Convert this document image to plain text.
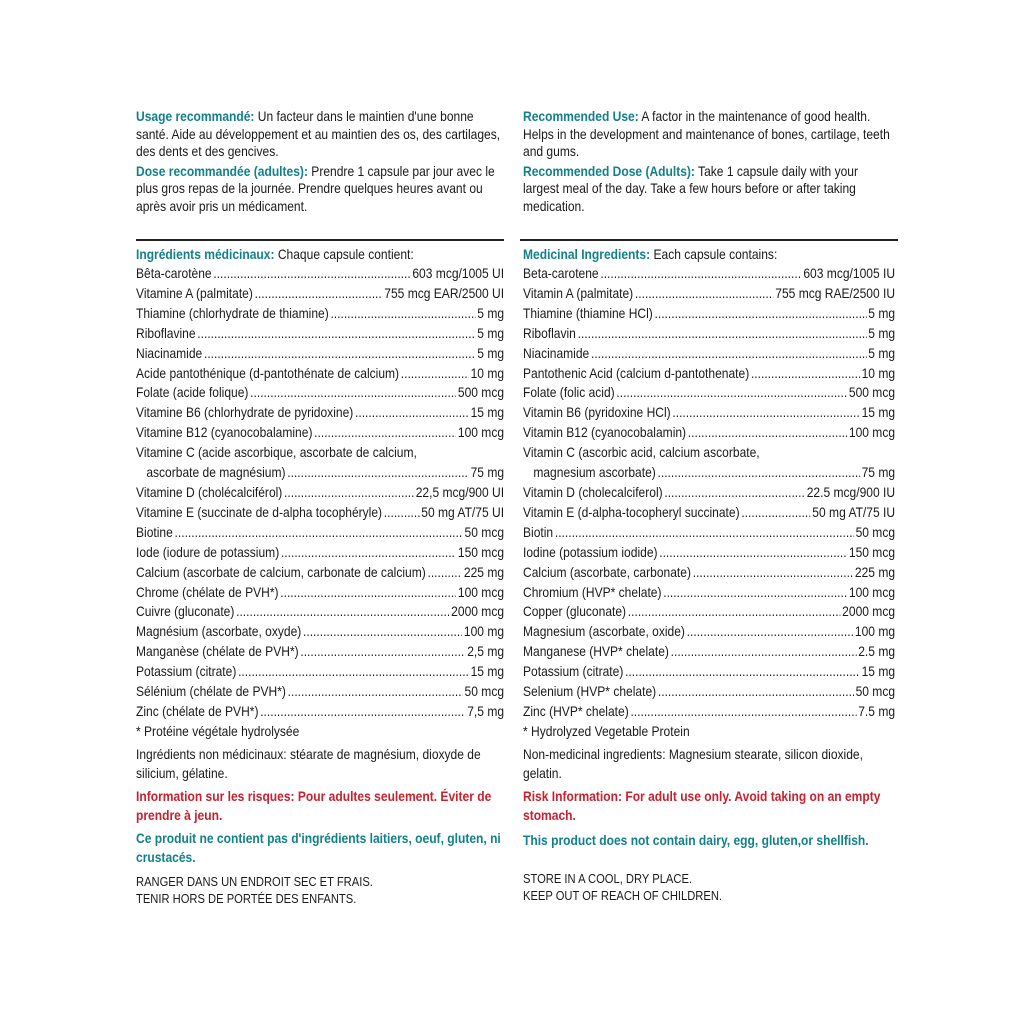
Usage recommandé: Un facteur dans le maintien d'une bonne santé. Aide au développement et au maintien des os, des cartilages, des dents et des gencives.
Dose recommandée (adultes): Prendre 1 capsule par jour avec le plus gros repas de la journée. Prendre quelques heures avant ou après avoir pris un médicament.
Recommended Use: A factor in the maintenance of good health. Helps in the development and maintenance of bones, cartilage, teeth and gums.
Recommended Dose (Adults): Take 1 capsule daily with your largest meal of the day. Take a few hours before or after taking medication.
Ingrédients médicinaux: Chaque capsule contient:
Bêta-carotène .....	603 mcg/1005 UI
Vitamine A (palmitate) .....	755 mcg EAR/2500 UI
Thiamine (chlorhydrate de thiamine) .....	5 mg
Riboflavine .....	5 mg
Niacinamide .....	5 mg
Acide pantothénique (d-pantothénate de calcium) .....	10 mg
Folate (acide folique) .....	500 mcg
Vitamine B6 (chlorhydrate de pyridoxine) .....	15 mg
Vitamine B12 (cyanocobalamine) .....	100 mcg
Vitamine C (acide ascorbique, ascorbate de calcium,
ascorbate de magnésium) .....	75 mg
Vitamine D (cholécalciférol) .....	22,5 mcg/900 UI
Vitamine E (succinate de d-alpha tocophéryle) .....	50 mg AT/75 UI
Biotine .....	50 mcg
Iode (iodure de potassium) .....	150 mcg
Calcium (ascorbate de calcium, carbonate de calcium) .....	225 mg
Chrome (chélate de PVH*) .....	100 mcg
Cuivre (gluconate) .....	2000 mcg
Magnésium (ascorbate, oxyde) .....	100 mg
Manganèse (chélate de PVH*) .....	2,5 mg
Potassium (citrate) .....	15 mg
Sélénium (chélate de PVH*) .....	50 mcg
Zinc (chélate de PVH*) .....	7,5 mg
* Protéine végétale hydrolysée
Ingrédients non médicinaux: stéarate de magnésium, dioxyde de silicium, gélatine.
Information sur les risques: Pour adultes seulement. Éviter de prendre à jeun.
Ce produit ne contient pas d'ingrédients laitiers, oeuf, gluten, ni crustacés.
RANGER DANS UN ENDROIT SEC ET FRAIS.
TENIR HORS DE PORTÉE DES ENFANTS.
Medicinal Ingredients: Each capsule contains:
Beta-carotene .....	603 mcg/1005 IU
Vitamin A (palmitate) .....	755 mcg RAE/2500 IU
Thiamine (thiamine HCl) .....	5 mg
Riboflavin .....	5 mg
Niacinamide .....	5 mg
Pantothenic Acid (calcium d-pantothenate) .....	10 mg
Folate (folic acid) .....	500 mcg
Vitamin B6 (pyridoxine HCl) .....	15 mg
Vitamin B12 (cyanocobalamin) .....	100 mcg
Vitamin C (ascorbic acid, calcium ascorbate,
magnesium ascorbate) .....	75 mg
Vitamin D (cholecalciferol) .....	22.5 mcg/900 IU
Vitamin E (d-alpha-tocopheryl succinate) .....	50 mg AT/75 IU
Biotin .....	50 mcg
Iodine (potassium iodide) .....	150 mcg
Calcium (ascorbate, carbonate) .....	225 mg
Chromium (HVP* chelate) .....	100 mcg
Copper (gluconate) .....	2000 mcg
Magnesium (ascorbate, oxide) .....	100 mg
Manganese (HVP* chelate) .....	2.5 mg
Potassium (citrate) .....	15 mg
Selenium (HVP* chelate) .....	50 mcg
Zinc (HVP* chelate) .....	7.5 mg
* Hydrolyzed Vegetable Protein
Non-medicinal ingredients: Magnesium stearate, silicon dioxide, gelatin.
Risk Information: For adult use only. Avoid taking on an empty stomach.
This product does not contain dairy, egg, gluten,or shellfish.
STORE IN A COOL, DRY PLACE.
KEEP OUT OF REACH OF CHILDREN.
